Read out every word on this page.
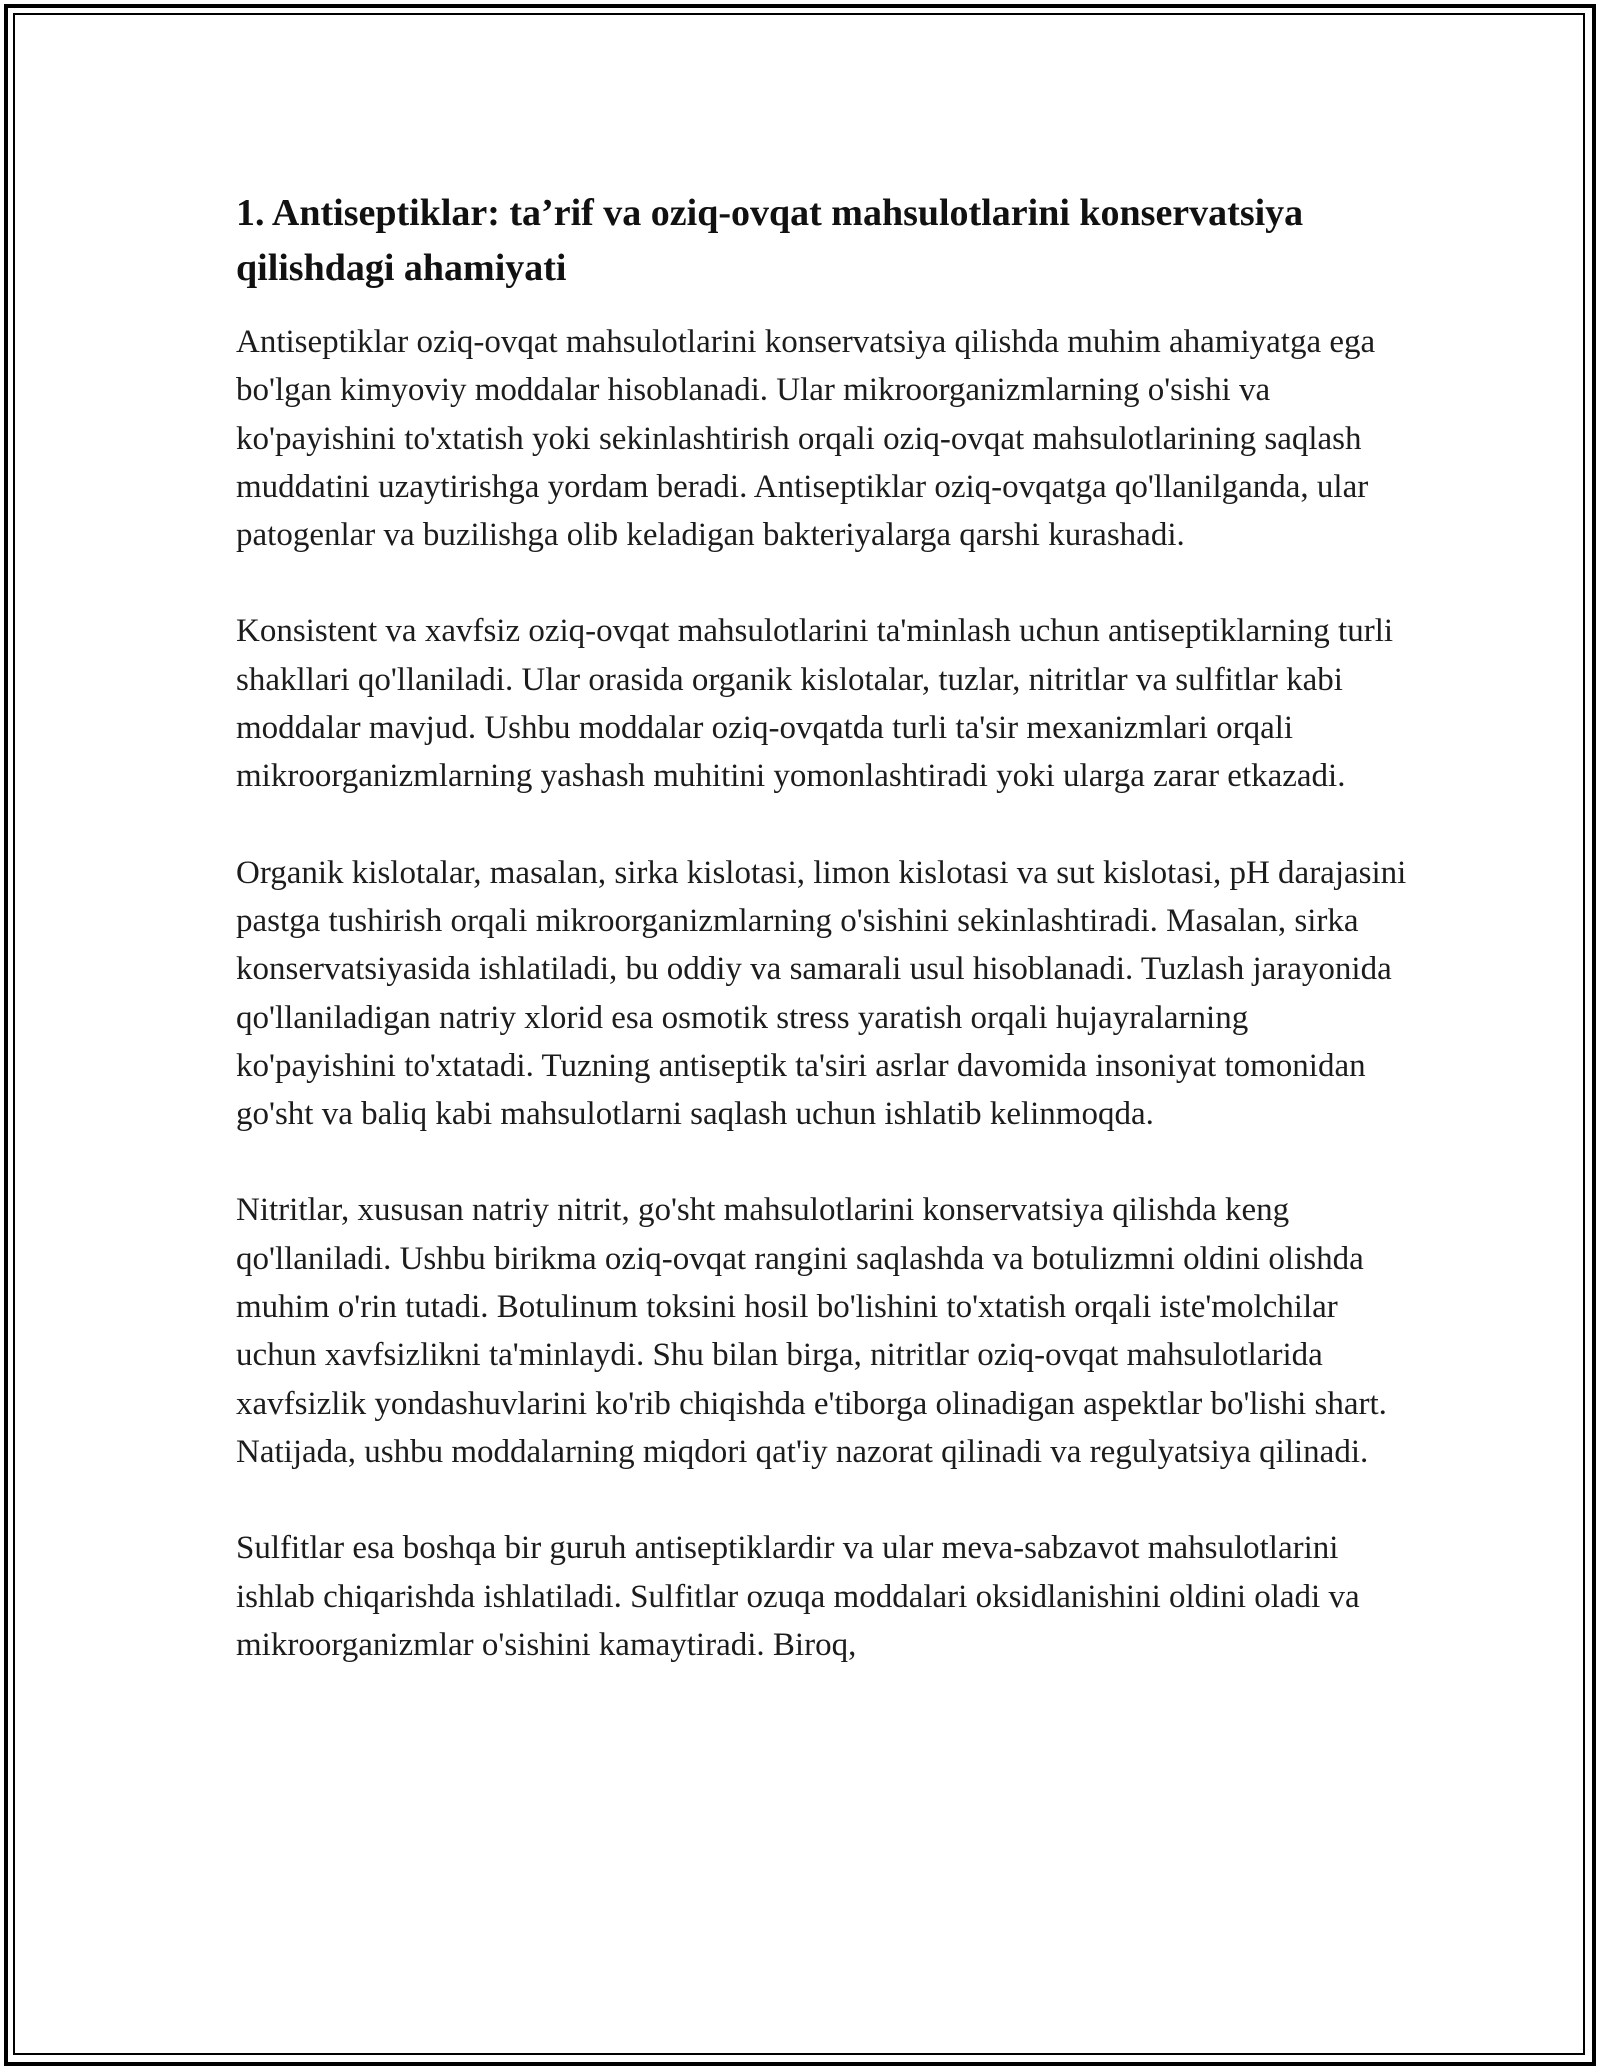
1. Antiseptiklar: ta’rif va oziq-ovqat mahsulotlarini konservatsiya qilishdagi ahamiyati

Antiseptiklar oziq-ovqat mahsulotlarini konservatsiya qilishda muhim ahamiyatga ega bo'lgan kimyoviy moddalar hisoblanadi. Ular mikroorganizmlarning o'sishi va ko'payishini to'xtatish yoki sekinlashtirish orqali oziq-ovqat mahsulotlarining saqlash muddatini uzaytirishga yordam beradi. Antiseptiklar oziq-ovqatga qo'llanilganda, ular patogenlar va buzilishga olib keladigan bakteriyalarga qarshi kurashadi.

Konsistent va xavfsiz oziq-ovqat mahsulotlarini ta'minlash uchun antiseptiklarning turli shakllari qo'llaniladi. Ular orasida organik kislotalar, tuzlar, nitritlar va sulfitlar kabi moddalar mavjud. Ushbu moddalar oziq-ovqatda turli ta'sir mexanizmlari orqali mikroorganizmlarning yashash muhitini yomonlashtiradi yoki ularga zarar etkazadi.

Organik kislotalar, masalan, sirka kislotasi, limon kislotasi va sut kislotasi, pH darajasini pastga tushirish orqali mikroorganizmlarning o'sishini sekinlashtiradi. Masalan, sirka konservatsiyasida ishlatiladi, bu oddiy va samarali usul hisoblanadi. Tuzlash jarayonida qo'llaniladigan natriy xlorid esa osmotik stress yaratish orqali hujayralarning ko'payishini to'xtatadi. Tuzning antiseptik ta'siri asrlar davomida insoniyat tomonidan go'sht va baliq kabi mahsulotlarni saqlash uchun ishlatib kelinmoqda.

Nitritlar, xususan natriy nitrit, go'sht mahsulotlarini konservatsiya qilishda keng qo'llaniladi. Ushbu birikma oziq-ovqat rangini saqlashda va botulizmni oldini olishda muhim o'rin tutadi. Botulinum toksini hosil bo'lishini to'xtatish orqali iste'molchilar uchun xavfsizlikni ta'minlaydi. Shu bilan birga, nitritlar oziq-ovqat mahsulotlarida xavfsizlik yondashuvlarini ko'rib chiqishda e'tiborga olinadigan aspektlar bo'lishi shart. Natijada, ushbu moddalarning miqdori qat'iy nazorat qilinadi va regulyatsiya qilinadi.

Sulfitlar esa boshqa bir guruh antiseptiklardir va ular meva-sabzavot mahsulotlarini ishlab chiqarishda ishlatiladi. Sulfitlar ozuqa moddalari oksidlanishini oldini oladi va mikroorganizmlar o'sishini kamaytiradi. Biroq,
